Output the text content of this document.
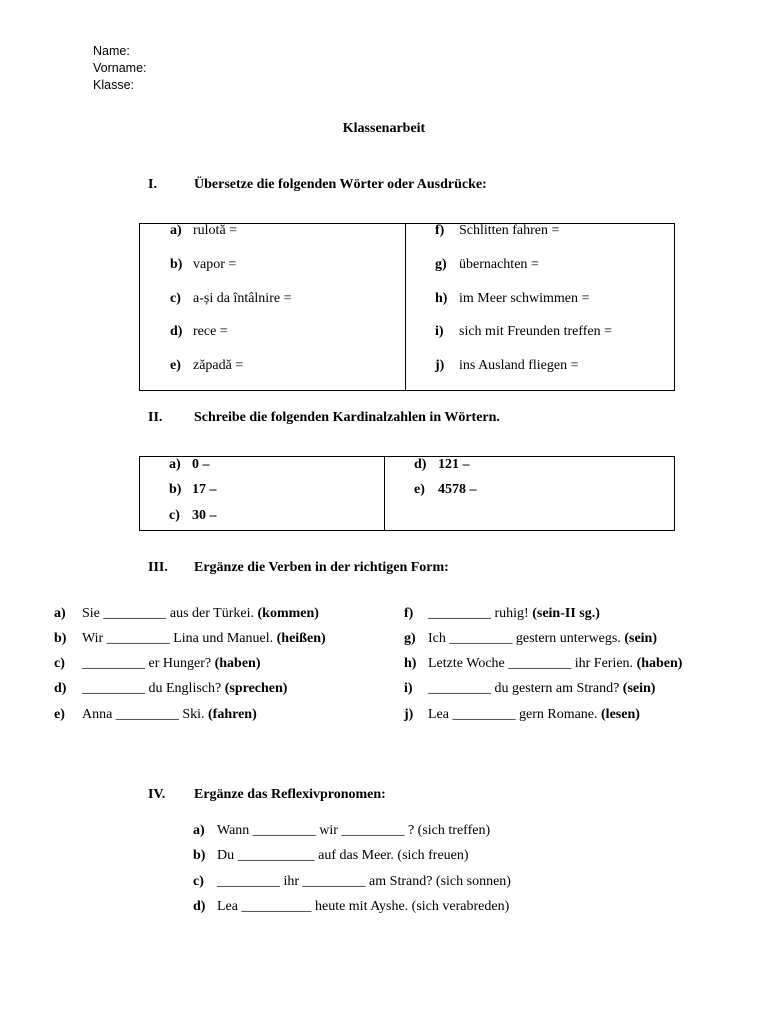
Name:
Vorname:
Klasse:
Klassenarbeit
I.	Übersetze die folgenden Wörter oder Ausdrücke:
a) rulotă =
b) vapor =
c) a-și da întâlnire =
d) rece =
e) zăpadă =
f) Schlitten fahren =
g) übernachten =
h) im Meer schwimmen =
i) sich mit Freunden treffen =
j) ins Ausland fliegen =
II. Schreibe die folgenden Kardinalzahlen in Wörtern.
a) 0 –
b) 17 –
c) 30 –
d) 121 –
e) 4578 –
III. Ergänze die Verben in der richtigen Form:
a) Sie _________ aus der Türkei. (kommen)
b) Wir _________ Lina und Manuel. (heißen)
c) _________ er Hunger? (haben)
d) _________ du Englisch? (sprechen)
e) Anna _________ Ski. (fahren)
f) _________ ruhig! (sein-II sg.)
g) Ich _________ gestern unterwegs. (sein)
h) Letzte Woche _________ ihr Ferien. (haben)
i) _________ du gestern am Strand? (sein)
j) Lea _________ gern Romane. (lesen)
IV. Ergänze das Reflexivpronomen:
a) Wann _________ wir _________ ? (sich treffen)
b) Du ___________ auf das Meer. (sich freuen)
c) _________ ihr _________ am Strand? (sich sonnen)
d) Lea __________ heute mit Ayshe. (sich verabreden)
